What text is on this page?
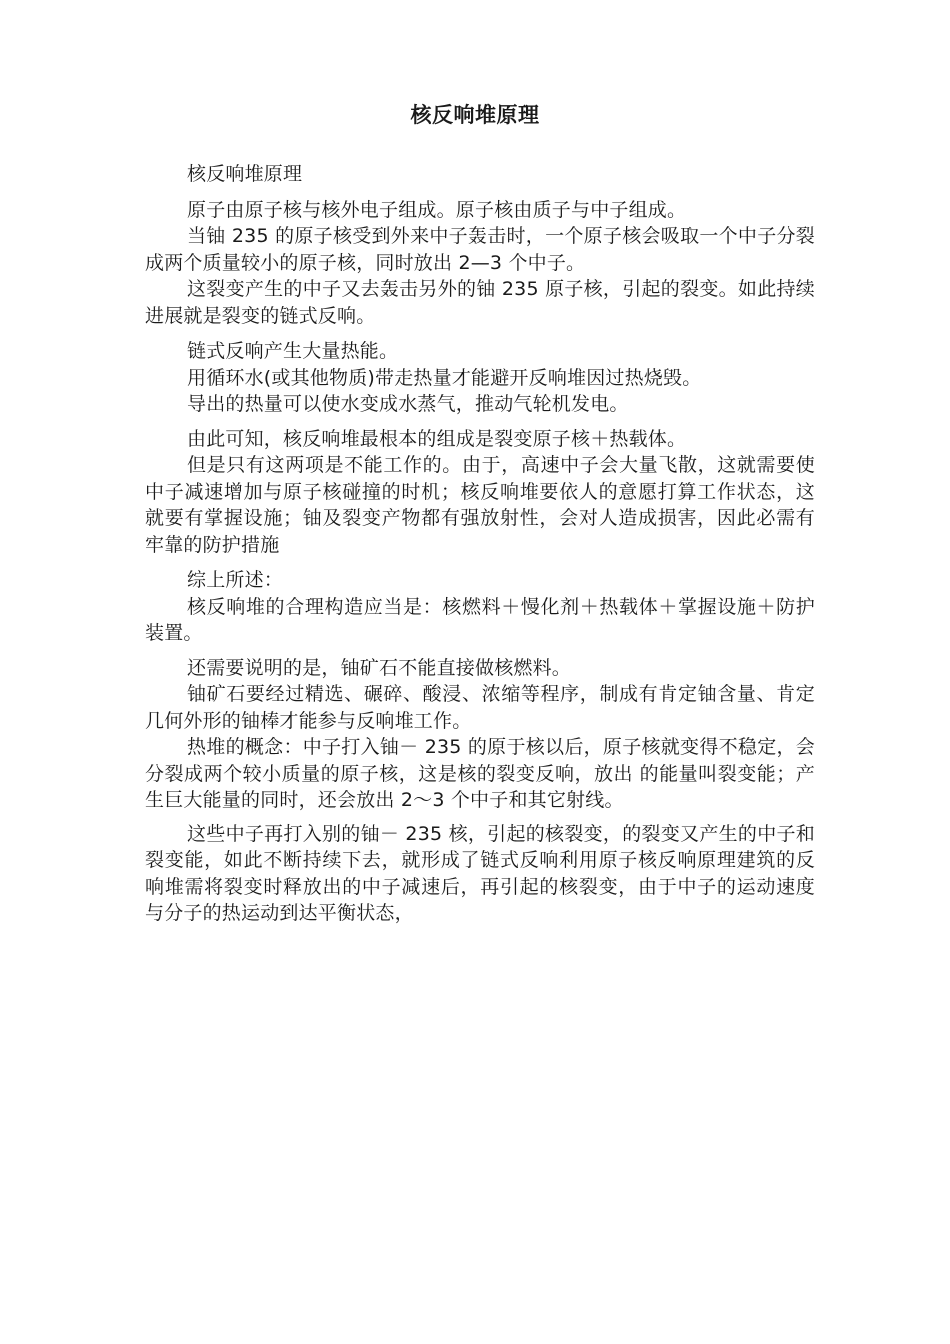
核反响堆原理

核反响堆原理

原子由原子核与核外电子组成。原子核由质子与中子组成。

当铀 235 的原子核受到外来中子轰击时，一个原子核会吸取一个中子分裂成两个质量较小的原子核，同时放出 2—3 个中子。

这裂变产生的中子又去轰击另外的铀 235 原子核，引起的裂变。如此持续进展就是裂变的链式反响。

链式反响产生大量热能。

用循环水(或其他物质)带走热量才能避开反响堆因过热烧毁。

导出的热量可以使水变成水蒸气，推动气轮机发电。

由此可知，核反响堆最根本的组成是裂变原子核＋热载体。

但是只有这两项是不能工作的。由于，高速中子会大量飞散，这就需要使中子减速增加与原子核碰撞的时机；核反响堆要依人的意愿打算工作状态，这就要有掌握设施；铀及裂变产物都有强放射性，会对人造成损害，因此必需有牢靠的防护措施

综上所述：

核反响堆的合理构造应当是：核燃料＋慢化剂＋热载体＋掌握设施＋防护装置。

还需要说明的是，铀矿石不能直接做核燃料。

铀矿石要经过精选、碾碎、酸浸、浓缩等程序，制成有肯定铀含量、肯定几何外形的铀棒才能参与反响堆工作。

热堆的概念：中子打入铀－ 235 的原于核以后，原子核就变得不稳定，会分裂成两个较小质量的原子核，这是核的裂变反响，放出 的能量叫裂变能；产生巨大能量的同时，还会放出 2～3 个中子和其它射线。

这些中子再打入别的铀－ 235 核，引起的核裂变，的裂变又产生的中子和裂变能，如此不断持续下去，就形成了链式反响利用原子核反响原理建筑的反响堆需将裂变时释放出的中子减速后，再引起的核裂变，由于中子的运动速度与分子的热运动到达平衡状态，
